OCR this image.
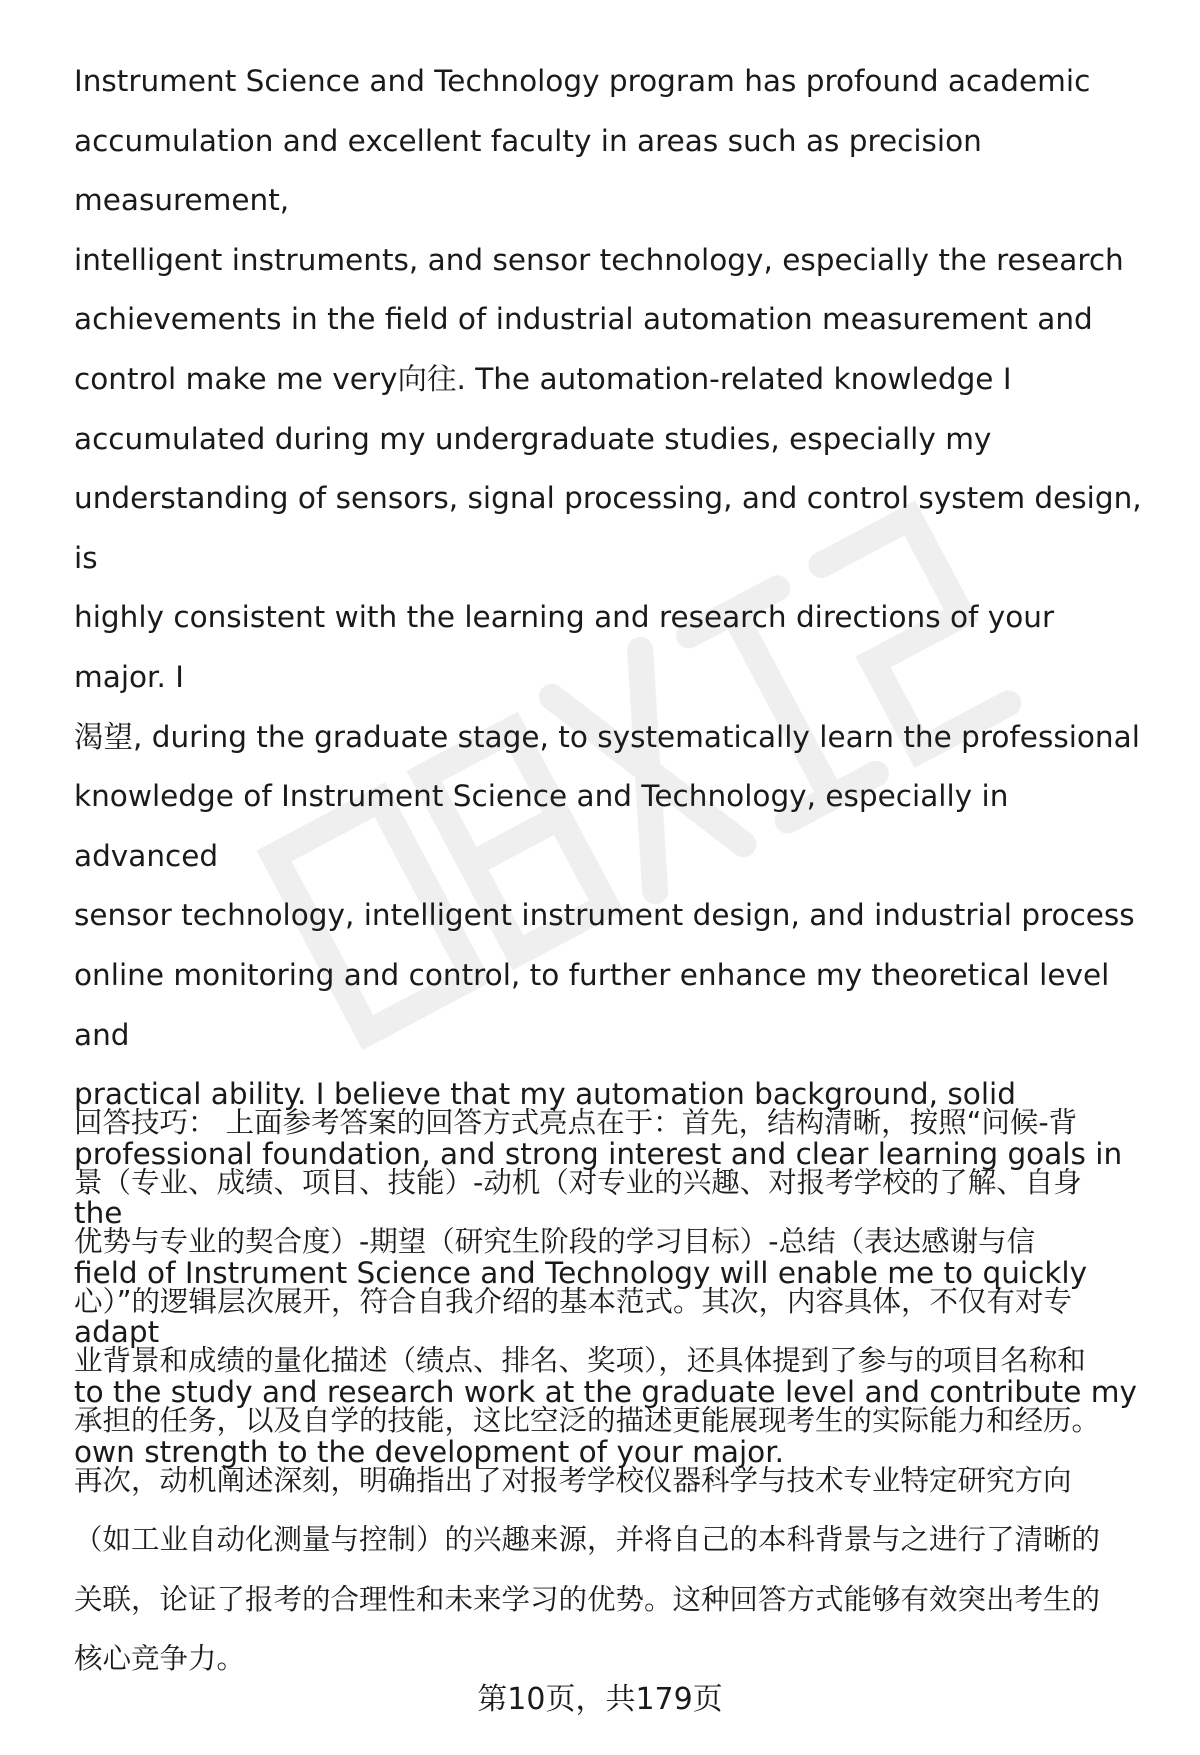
Instrument Science and Technology program has profound academic
accumulation and excellent faculty in areas such as precision measurement,
intelligent instruments, and sensor technology, especially the research
achievements in the field of industrial automation measurement and
control make me very向往. The automation-related knowledge I
accumulated during my undergraduate studies, especially my
understanding of sensors, signal processing, and control system design, is
highly consistent with the learning and research directions of your major. I
渴望, during the graduate stage, to systematically learn the professional
knowledge of Instrument Science and Technology, especially in advanced
sensor technology, intelligent instrument design, and industrial process
online monitoring and control, to further enhance my theoretical level and
practical ability. I believe that my automation background, solid
professional foundation, and strong interest and clear learning goals in the
field of Instrument Science and Technology will enable me to quickly adapt
to the study and research work at the graduate level and contribute my
own strength to the development of your major.

回答技巧： 上面参考答案的回答方式亮点在于：首先，结构清晰，按照“问候-背
景（专业、成绩、项目、技能）-动机（对专业的兴趣、对报考学校的了解、自身
优势与专业的契合度）-期望（研究生阶段的学习目标）-总结（表达感谢与信
心）”的逻辑层次展开，符合自我介绍的基本范式。其次，内容具体，不仅有对专
业背景和成绩的量化描述（绩点、排名、奖项），还具体提到了参与的项目名称和
承担的任务，以及自学的技能，这比空泛的描述更能展现考生的实际能力和经历。
再次，动机阐述深刻，明确指出了对报考学校仪器科学与技术专业特定研究方向
（如工业自动化测量与控制）的兴趣来源，并将自己的本科背景与之进行了清晰的
关联，论证了报考的合理性和未来学习的优势。这种回答方式能够有效突出考生的
核心竞争力。

第10页，共179页
